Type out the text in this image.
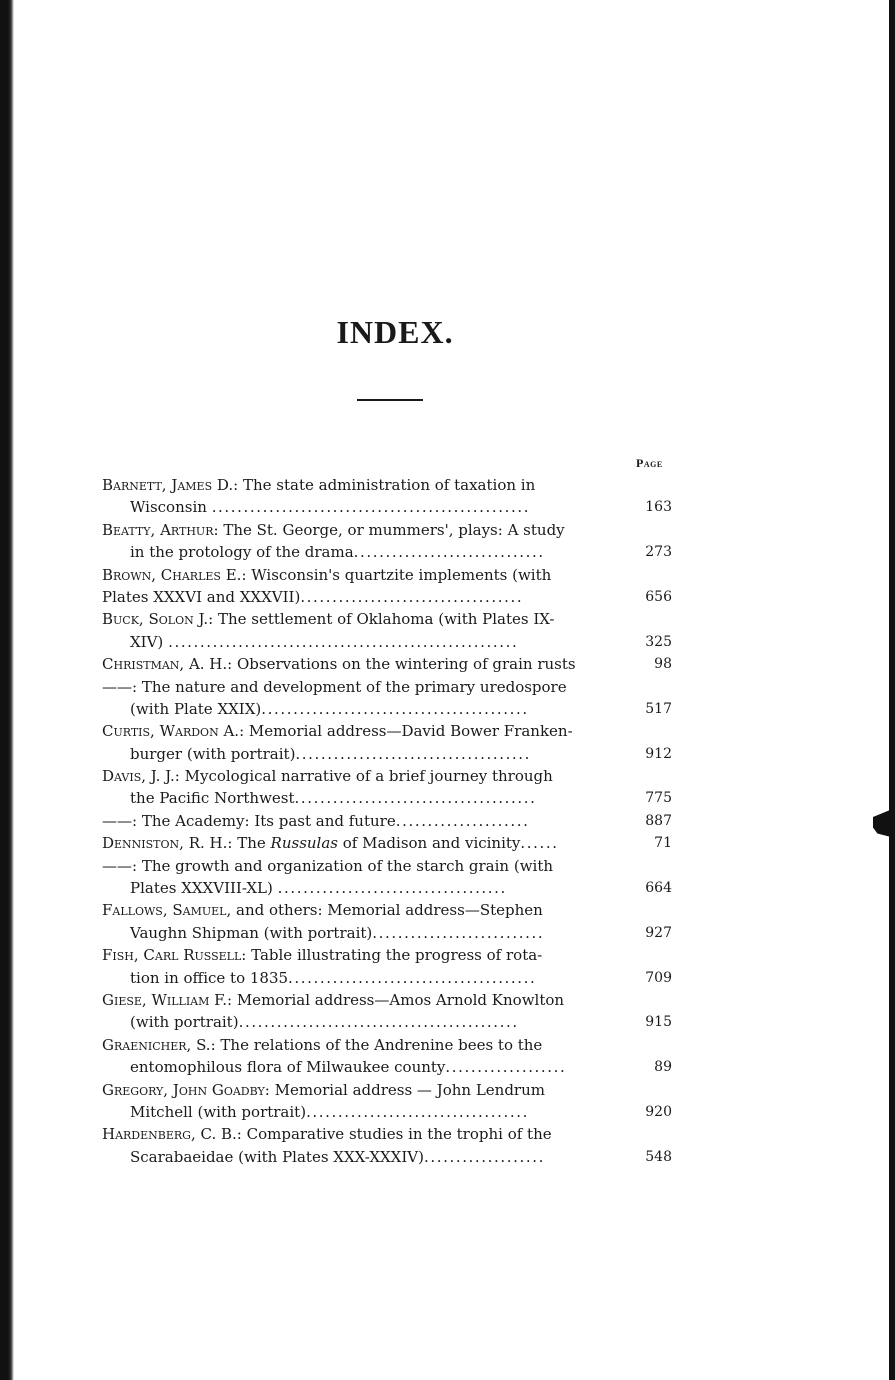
INDEX.
Page
Barnett, James D.: The state administration of taxation in
Wisconsin ..................................................	163
Beatty, Arthur: The St. George, or mummers', plays: A study
in the protology of the drama..............................	273
Brown, Charles E.: Wisconsin's quartzite implements (with
Plates XXXVI and XXXVII)...................................	656
Buck, Solon J.: The settlement of Oklahoma (with Plates IX-
XIV) .......................................................	325
Christman, A. H.: Observations on the wintering of grain rusts	98
——: The nature and development of the primary uredospore
(with Plate XXIX)..........................................	517
Curtis, Wardon A.: Memorial address—David Bower Franken-
burger (with portrait).....................................	912
Davis, J. J.: Mycological narrative of a brief journey through
the Pacific Northwest......................................	775
——: The Academy: Its past and future.....................	887
Denniston, R. H.: The Russulas of Madison and vicinity......	71
——: The growth and organization of the starch grain (with
Plates XXXVIII-XL) ....................................	664
Fallows, Samuel, and others: Memorial address—Stephen
Vaughn Shipman (with portrait)...........................	927
Fish, Carl Russell: Table illustrating the progress of rota-
tion in office to 1835.......................................	709
Giese, William F.: Memorial address—Amos Arnold Knowlton
(with portrait)............................................	915
Graenicher, S.: The relations of the Andrenine bees to the
entomophilous flora of Milwaukee county...................	89
Gregory, John Goadby: Memorial address — John Lendrum
Mitchell (with portrait)...................................	920
Hardenberg, C. B.: Comparative studies in the trophi of the
Scarabaeidae (with Plates XXX-XXXIV)...................	548
